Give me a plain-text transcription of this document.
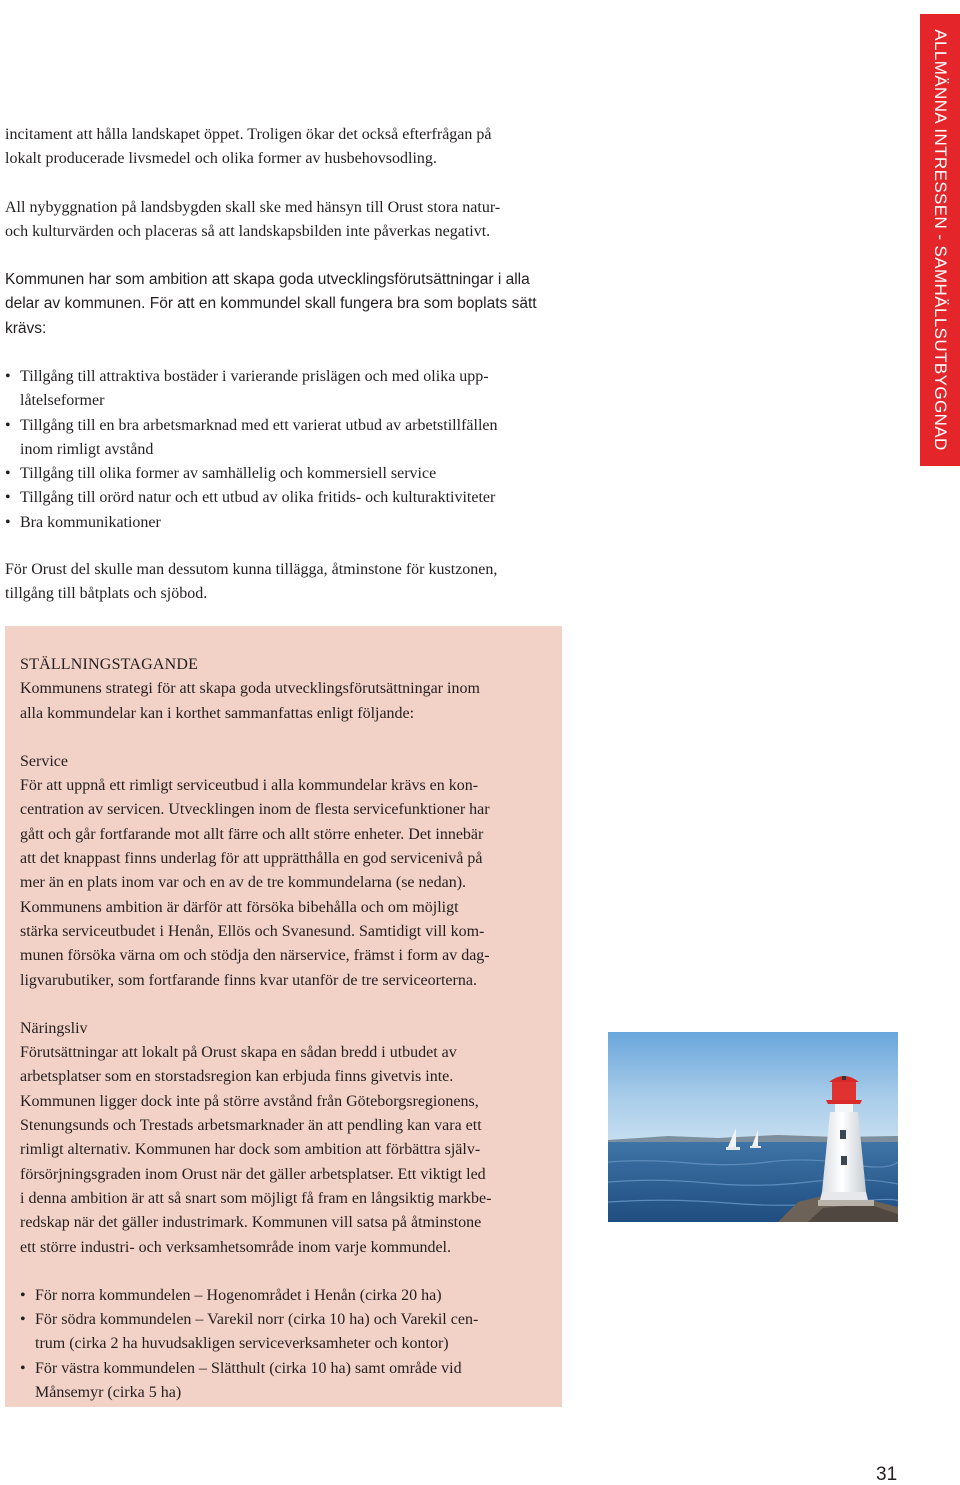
ALLMÄNNA INTRESSEN - SAMHÄLLSUTBYGGNAD

incitament att hålla landskapet öppet. Troligen ökar det också efterfrågan på
lokalt producerade livsmedel och olika former av husbehovsodling.

All nybyggnation på landsbygden skall ske med hänsyn till Orust stora natur-
och kulturvärden och placeras så att landskapsbilden inte påverkas negativt.

Kommunen har som ambition att skapa goda utvecklingsförutsättningar i alla
delar av kommunen. För att en kommundel skall fungera bra som boplats sätt
krävs:

• Tillgång till attraktiva bostäder i varierande prislägen och med olika upp-
låtelseformer
• Tillgång till en bra arbetsmarknad med ett varierat utbud av arbetstillfällen
inom rimligt avstånd
• Tillgång till olika former av samhällelig och kommersiell service
• Tillgång till orörd natur och ett utbud av olika fritids- och kulturaktiviteter
• Bra kommunikationer

För Orust del skulle man dessutom kunna tillägga, åtminstone för kustzonen,
tillgång till båtplats och sjöbod.

STÄLLNINGSTAGANDE

Kommunens strategi för att skapa goda utvecklingsförutsättningar inom
alla kommundelar kan i korthet sammanfattas enligt följande:

Service

För att uppnå ett rimligt serviceutbud i alla kommundelar krävs en kon-
centration av servicen. Utvecklingen inom de flesta servicefunktioner har
gått och går fortfarande mot allt färre och allt större enheter. Det innebär
att det knappast finns underlag för att upprätthålla en god servicenivå på
mer än en plats inom var och en av de tre kommundelarna (se nedan).
Kommunens ambition är därför att försöka bibehålla och om möjligt
stärka serviceutbudet i Henån, Ellös och Svanesund. Samtidigt vill kom-
munen försöka värna om och stödja den närservice, främst i form av dag-
ligvarubutiker, som fortfarande finns kvar utanför de tre serviceorterna.

Näringsliv

Förutsättningar att lokalt på Orust skapa en sådan bredd i utbudet av
arbetsplatser som en storstadsregion kan erbjuda finns givetvis inte.
Kommunen ligger dock inte på större avstånd från Göteborgsregionens,
Stenungsunds och Trestads arbetsmarknader än att pendling kan vara ett
rimligt alternativ. Kommunen har dock som ambition att förbättra själv-
försörjningsgraden inom Orust när det gäller arbetsplatser. Ett viktigt led
i denna ambition är att så snart som möjligt få fram en långsiktig markbe-
redskap när det gäller industrimark. Kommunen vill satsa på åtminstone
ett större industri- och verksamhetsområde inom varje kommundel.

• För norra kommundelen – Hogenområdet i Henån (cirka 20 ha)
• För södra kommundelen – Varekil norr (cirka 10 ha) och Varekil cen-
trum (cirka 2 ha huvudsakligen serviceverksamheter och kontor)
• För västra kommundelen – Slätthult (cirka 10 ha) samt område vid
Månsemyr (cirka 5 ha)
31
